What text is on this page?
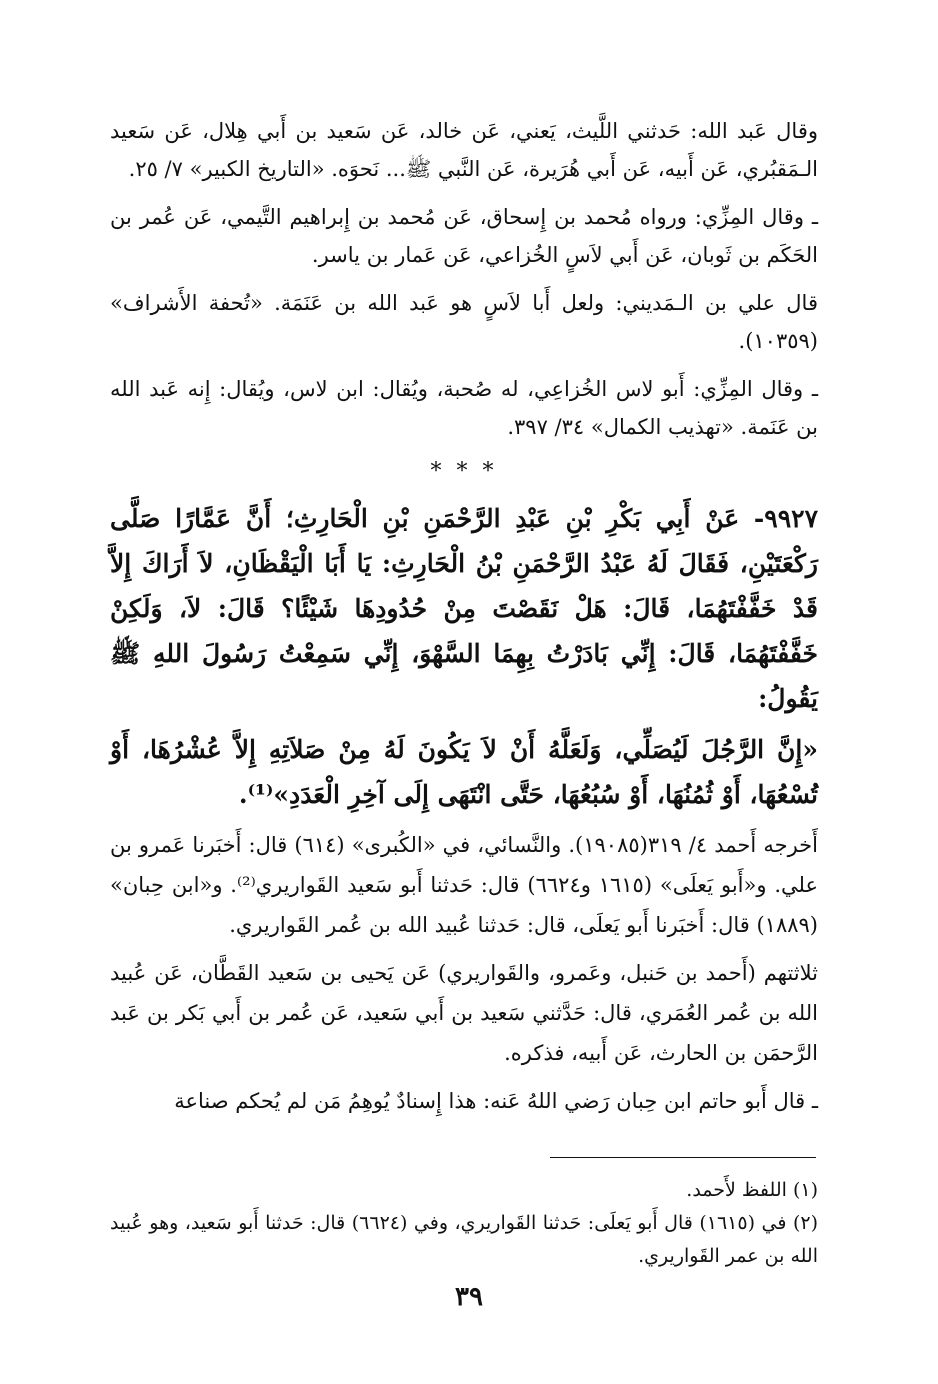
وقال عَبد الله: حَدثني اللَّيث، يَعني، عَن خالد، عَن سَعيد بن أَبي هِلال، عَن سَعيد الـمَقبُري، عَن أَبيه، عَن أَبي هُرَيرة، عَن النَّبي ﷺ... نَحوَه. «التاريخ الكبير» ٧/ ٢٥.

ـ وقال المِزِّي: ورواه مُحمد بن إِسحاق، عَن مُحمد بن إِبراهيم التَّيمي، عَن عُمر بن الحَكَم بن ثَوبان، عَن أَبي لاَسٍ الخُزاعي، عَن عَمار بن ياسر.

قال علي بن الـمَديني: ولعل أَبا لاَسٍ هو عَبد الله بن عَنَمَة. «تُحفة الأَشراف» (١٠٣٥٩).

ـ وقال المِزِّي: أَبو لاس الخُزاعِي، له صُحبة، ويُقال: ابن لاس، ويُقال: إِنه عَبد الله بن عَنَمة. «تهذيب الكمال» ٣٤/ ٣٩٧.

* * *

٩٩٢٧- عَنْ أَبِي بَكْرِ بْنِ عَبْدِ الرَّحْمَنِ بْنِ الْحَارِثِ؛ أَنَّ عَمَّارًا صَلَّى رَكْعَتَيْنِ، فَقَالَ لَهُ عَبْدُ الرَّحْمَنِ بْنُ الْحَارِثِ: يَا أَبَا الْيَقْظَانِ، لاَ أَرَاكَ إِلاَّ قَدْ خَفَّفْتَهُمَا، قَالَ: هَلْ نَقَصْتَ مِنْ حُدُودِهَا شَيْئًا؟ قَالَ: لاَ، وَلَكِنْ خَفَّفْتَهُمَا، قَالَ: إِنِّي بَادَرْتُ بِهِمَا السَّهْوَ، إِنِّي سَمِعْتُ رَسُولَ اللهِ ﷺ يَقُولُ:

«إِنَّ الرَّجُلَ لَيُصَلِّي، وَلَعَلَّهُ أَنْ لاَ يَكُونَ لَهُ مِنْ صَلاَتِهِ إِلاَّ عُشْرُهَا، أَوْ تُسْعُهَا، أَوْ ثُمُنُهَا، أَوْ سُبُعُهَا، حَتَّى انْتَهَى إِلَى آخِرِ الْعَدَدِ»⁽¹⁾.

أَخرجه أَحمد ٤/ ٣١٩(١٩٠٨٥). والنَّسائي، في «الكُبرى» (٦١٤) قال: أَخبَرنا عَمرو بن علي. و«أَبو يَعلَى» (١٦١٥ و٦٦٢٤) قال: حَدثنا أَبو سَعيد القَواريري⁽²⁾. و«ابن حِبان» (١٨٨٩) قال: أَخبَرنا أَبو يَعلَى، قال: حَدثنا عُبيد الله بن عُمر القَواريري.

ثلاثتهم (أَحمد بن حَنبل، وعَمرو، والقَواريري) عَن يَحيى بن سَعيد القَطَّان، عَن عُبيد الله بن عُمر العُمَري، قال: حَدَّثني سَعيد بن أَبي سَعيد، عَن عُمر بن أَبي بَكر بن عَبد الرَّحمَن بن الحارث، عَن أَبيه، فذكره.

ـ قال أَبو حاتم ابن حِبان رَضي اللهُ عَنه: هذا إِسنادٌ يُوهِمُ مَن لم يُحكم صناعة

(١) اللفظ لأَحمد.

(٢) في (١٦١٥) قال أَبو يَعلَى: حَدثنا القَواريري، وفي (٦٦٢٤) قال: حَدثنا أَبو سَعيد، وهو عُبيد الله بن عمر القَواريري.

٣٩
